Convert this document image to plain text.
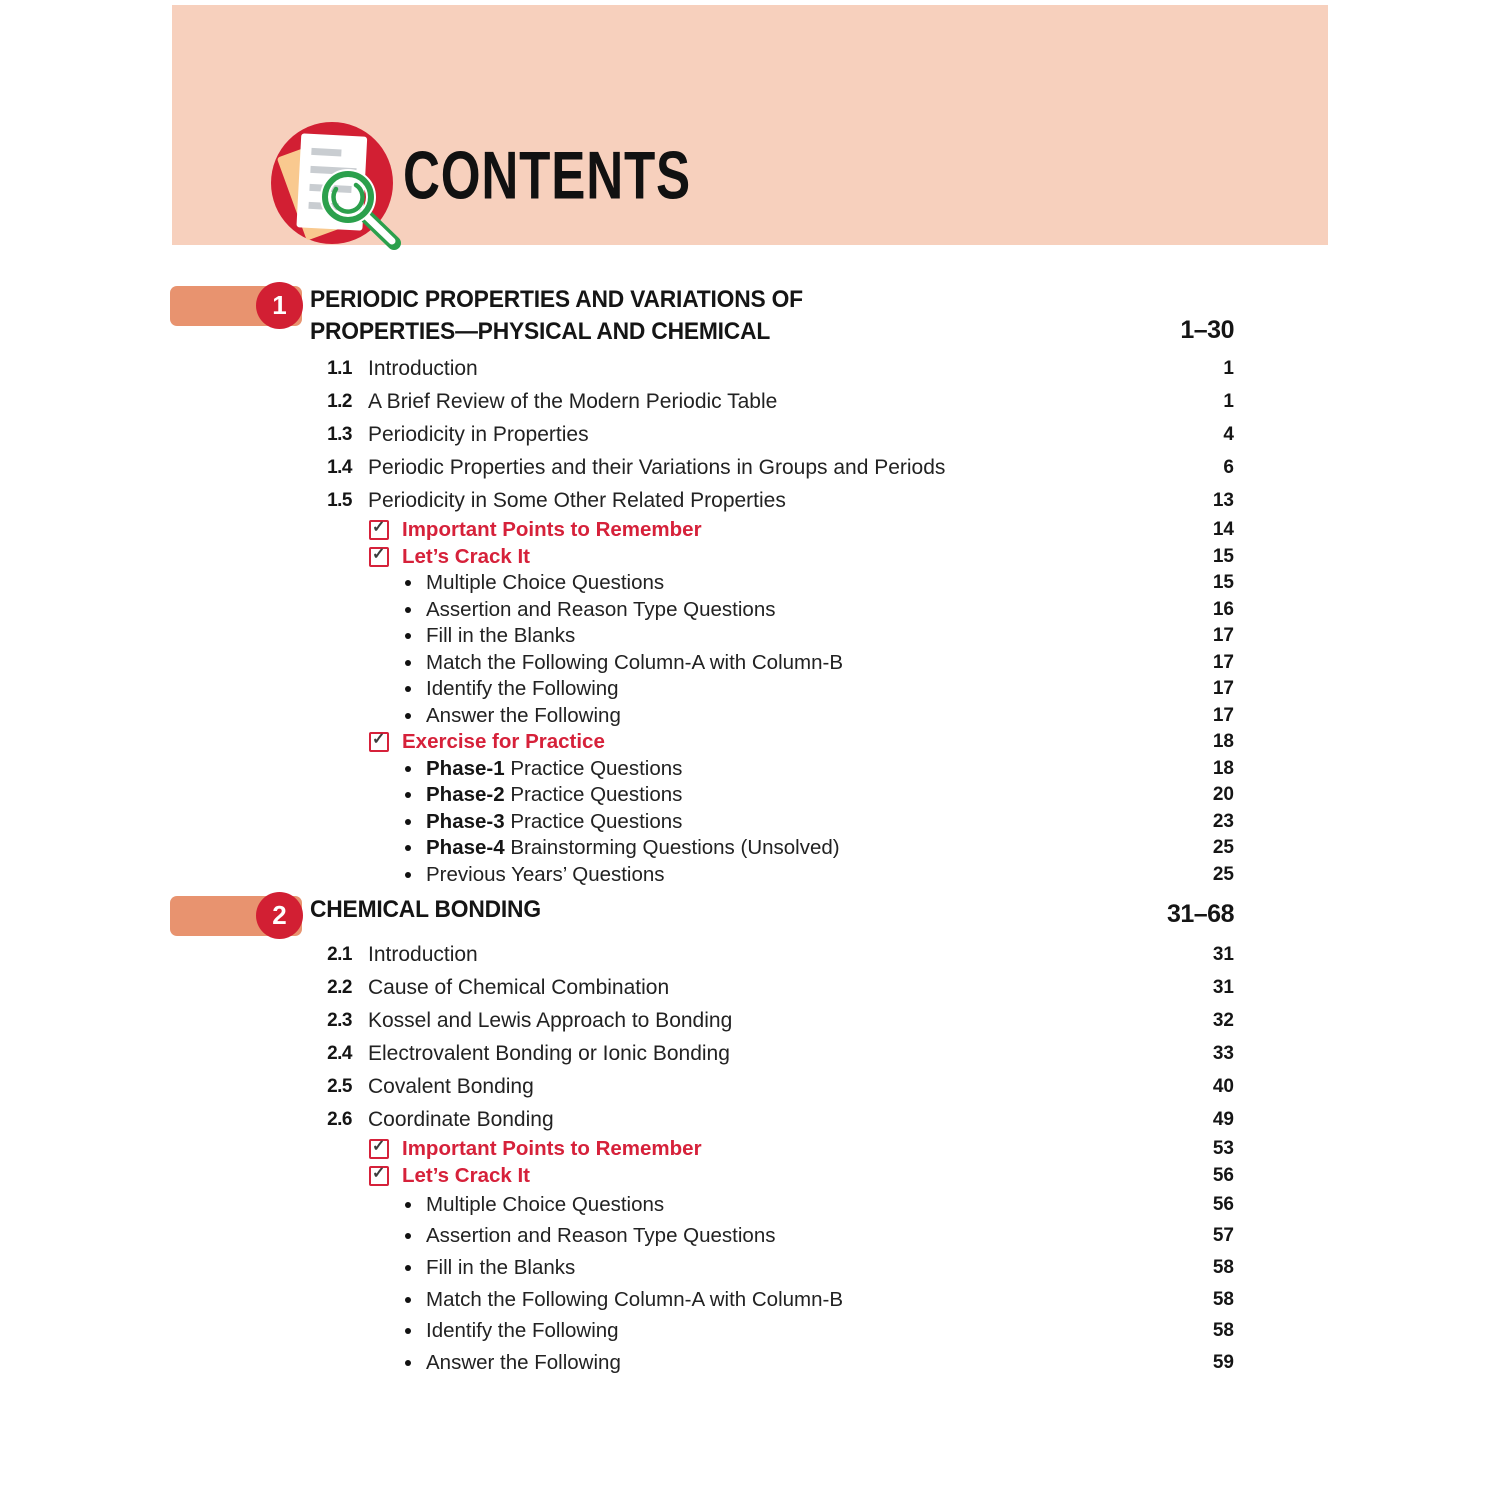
CONTENTS
1 PERIODIC PROPERTIES AND VARIATIONS OF
PROPERTIES—PHYSICAL AND CHEMICAL	1–30
1.1 Introduction	1
1.2 A Brief Review of the Modern Periodic Table	1
1.3 Periodicity in Properties	4
1.4 Periodic Properties and their Variations in Groups and Periods	6
1.5 Periodicity in Some Other Related Properties	13
✓
Important Points to Remember	14
✓
Let’s Crack It	15
Multiple Choice Questions	15
Assertion and Reason Type Questions	16
Fill in the Blanks	17
Match the Following Column-A with Column-B	17
Identify the Following	17
Answer the Following	17
✓
Exercise for Practice	18
Phase-1 Practice Questions	18
Phase-2 Practice Questions	20
Phase-3 Practice Questions	23
Phase-4 Brainstorming Questions (Unsolved)	25
Previous Years’ Questions	25
2 CHEMICAL BONDING	31–68
2.1 Introduction	31
2.2 Cause of Chemical Combination	31
2.3 Kossel and Lewis Approach to Bonding	32
2.4 Electrovalent Bonding or Ionic Bonding	33
2.5 Covalent Bonding	40
2.6 Coordinate Bonding	49
✓
Important Points to Remember	53
✓
Let’s Crack It	56
Multiple Choice Questions	56
Assertion and Reason Type Questions	57
Fill in the Blanks	58
Match the Following Column-A with Column-B	58
Identify the Following	58
Answer the Following	59
